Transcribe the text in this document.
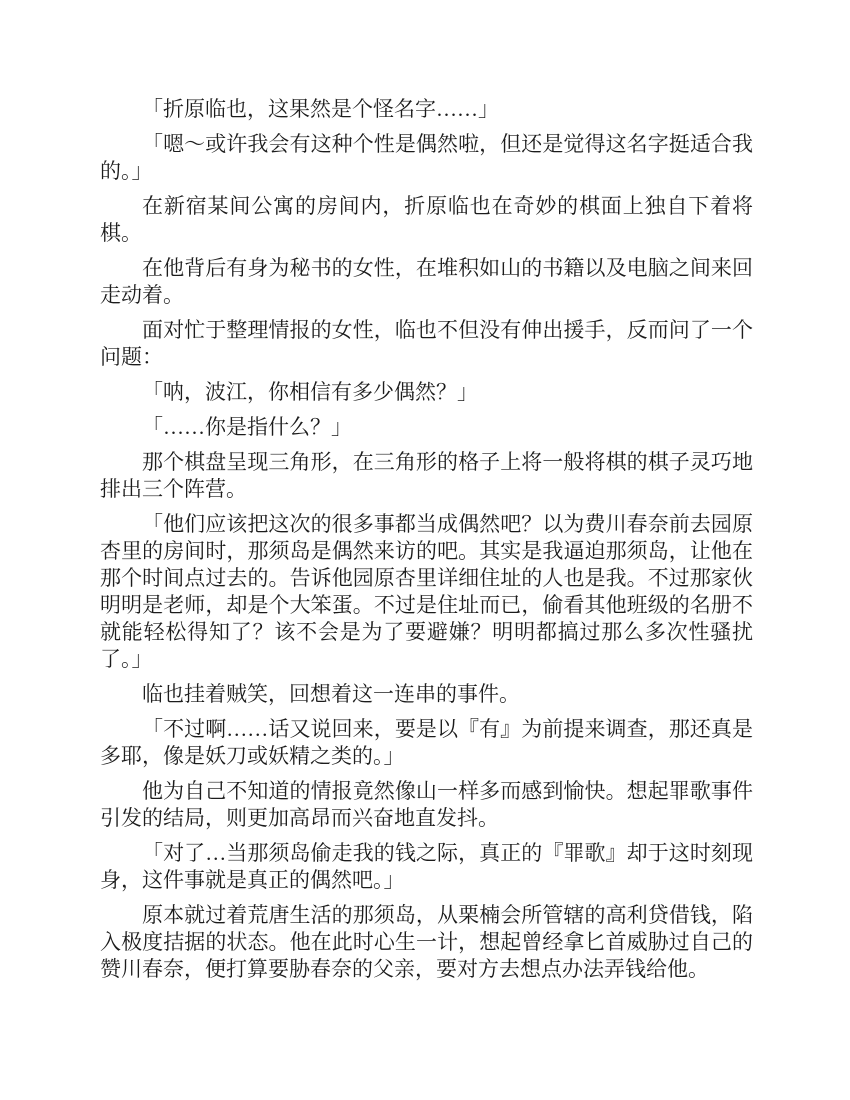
「折原临也，这果然是个怪名字……」

「嗯～或许我会有这种个性是偶然啦，但还是觉得这名字挺适合我的。」

在新宿某间公寓的房间内，折原临也在奇妙的棋面上独自下着将棋。

在他背后有身为秘书的女性，在堆积如山的书籍以及电脑之间来回走动着。

面对忙于整理情报的女性，临也不但没有伸出援手，反而问了一个问题：

「呐，波江，你相信有多少偶然？」

「……你是指什么？」

那个棋盘呈现三角形，在三角形的格子上将一般将棋的棋子灵巧地排出三个阵营。

「他们应该把这次的很多事都当成偶然吧？以为费川春奈前去园原杏里的房间时，那须岛是偶然来访的吧。其实是我逼迫那须岛，让他在那个时间点过去的。告诉他园原杏里详细住址的人也是我。不过那家伙明明是老师，却是个大笨蛋。不过是住址而已，偷看其他班级的名册不就能轻松得知了？该不会是为了要避嫌？明明都搞过那么多次性骚扰了。」

临也挂着贼笑，回想着这一连串的事件。

「不过啊……话又说回来，要是以『有』为前提来调查，那还真是多耶，像是妖刀或妖精之类的。」

他为自己不知道的情报竟然像山一样多而感到愉快。想起罪歌事件引发的结局，则更加高昂而兴奋地直发抖。

「对了…当那须岛偷走我的钱之际，真正的『罪歌』却于这时刻现身，这件事就是真正的偶然吧。」

原本就过着荒唐生活的那须岛，从栗楠会所管辖的高利贷借钱，陷入极度拮据的状态。他在此时心生一计，想起曾经拿匕首威胁过自己的赞川春奈，便打算要胁春奈的父亲，要对方去想点办法弄钱给他。
